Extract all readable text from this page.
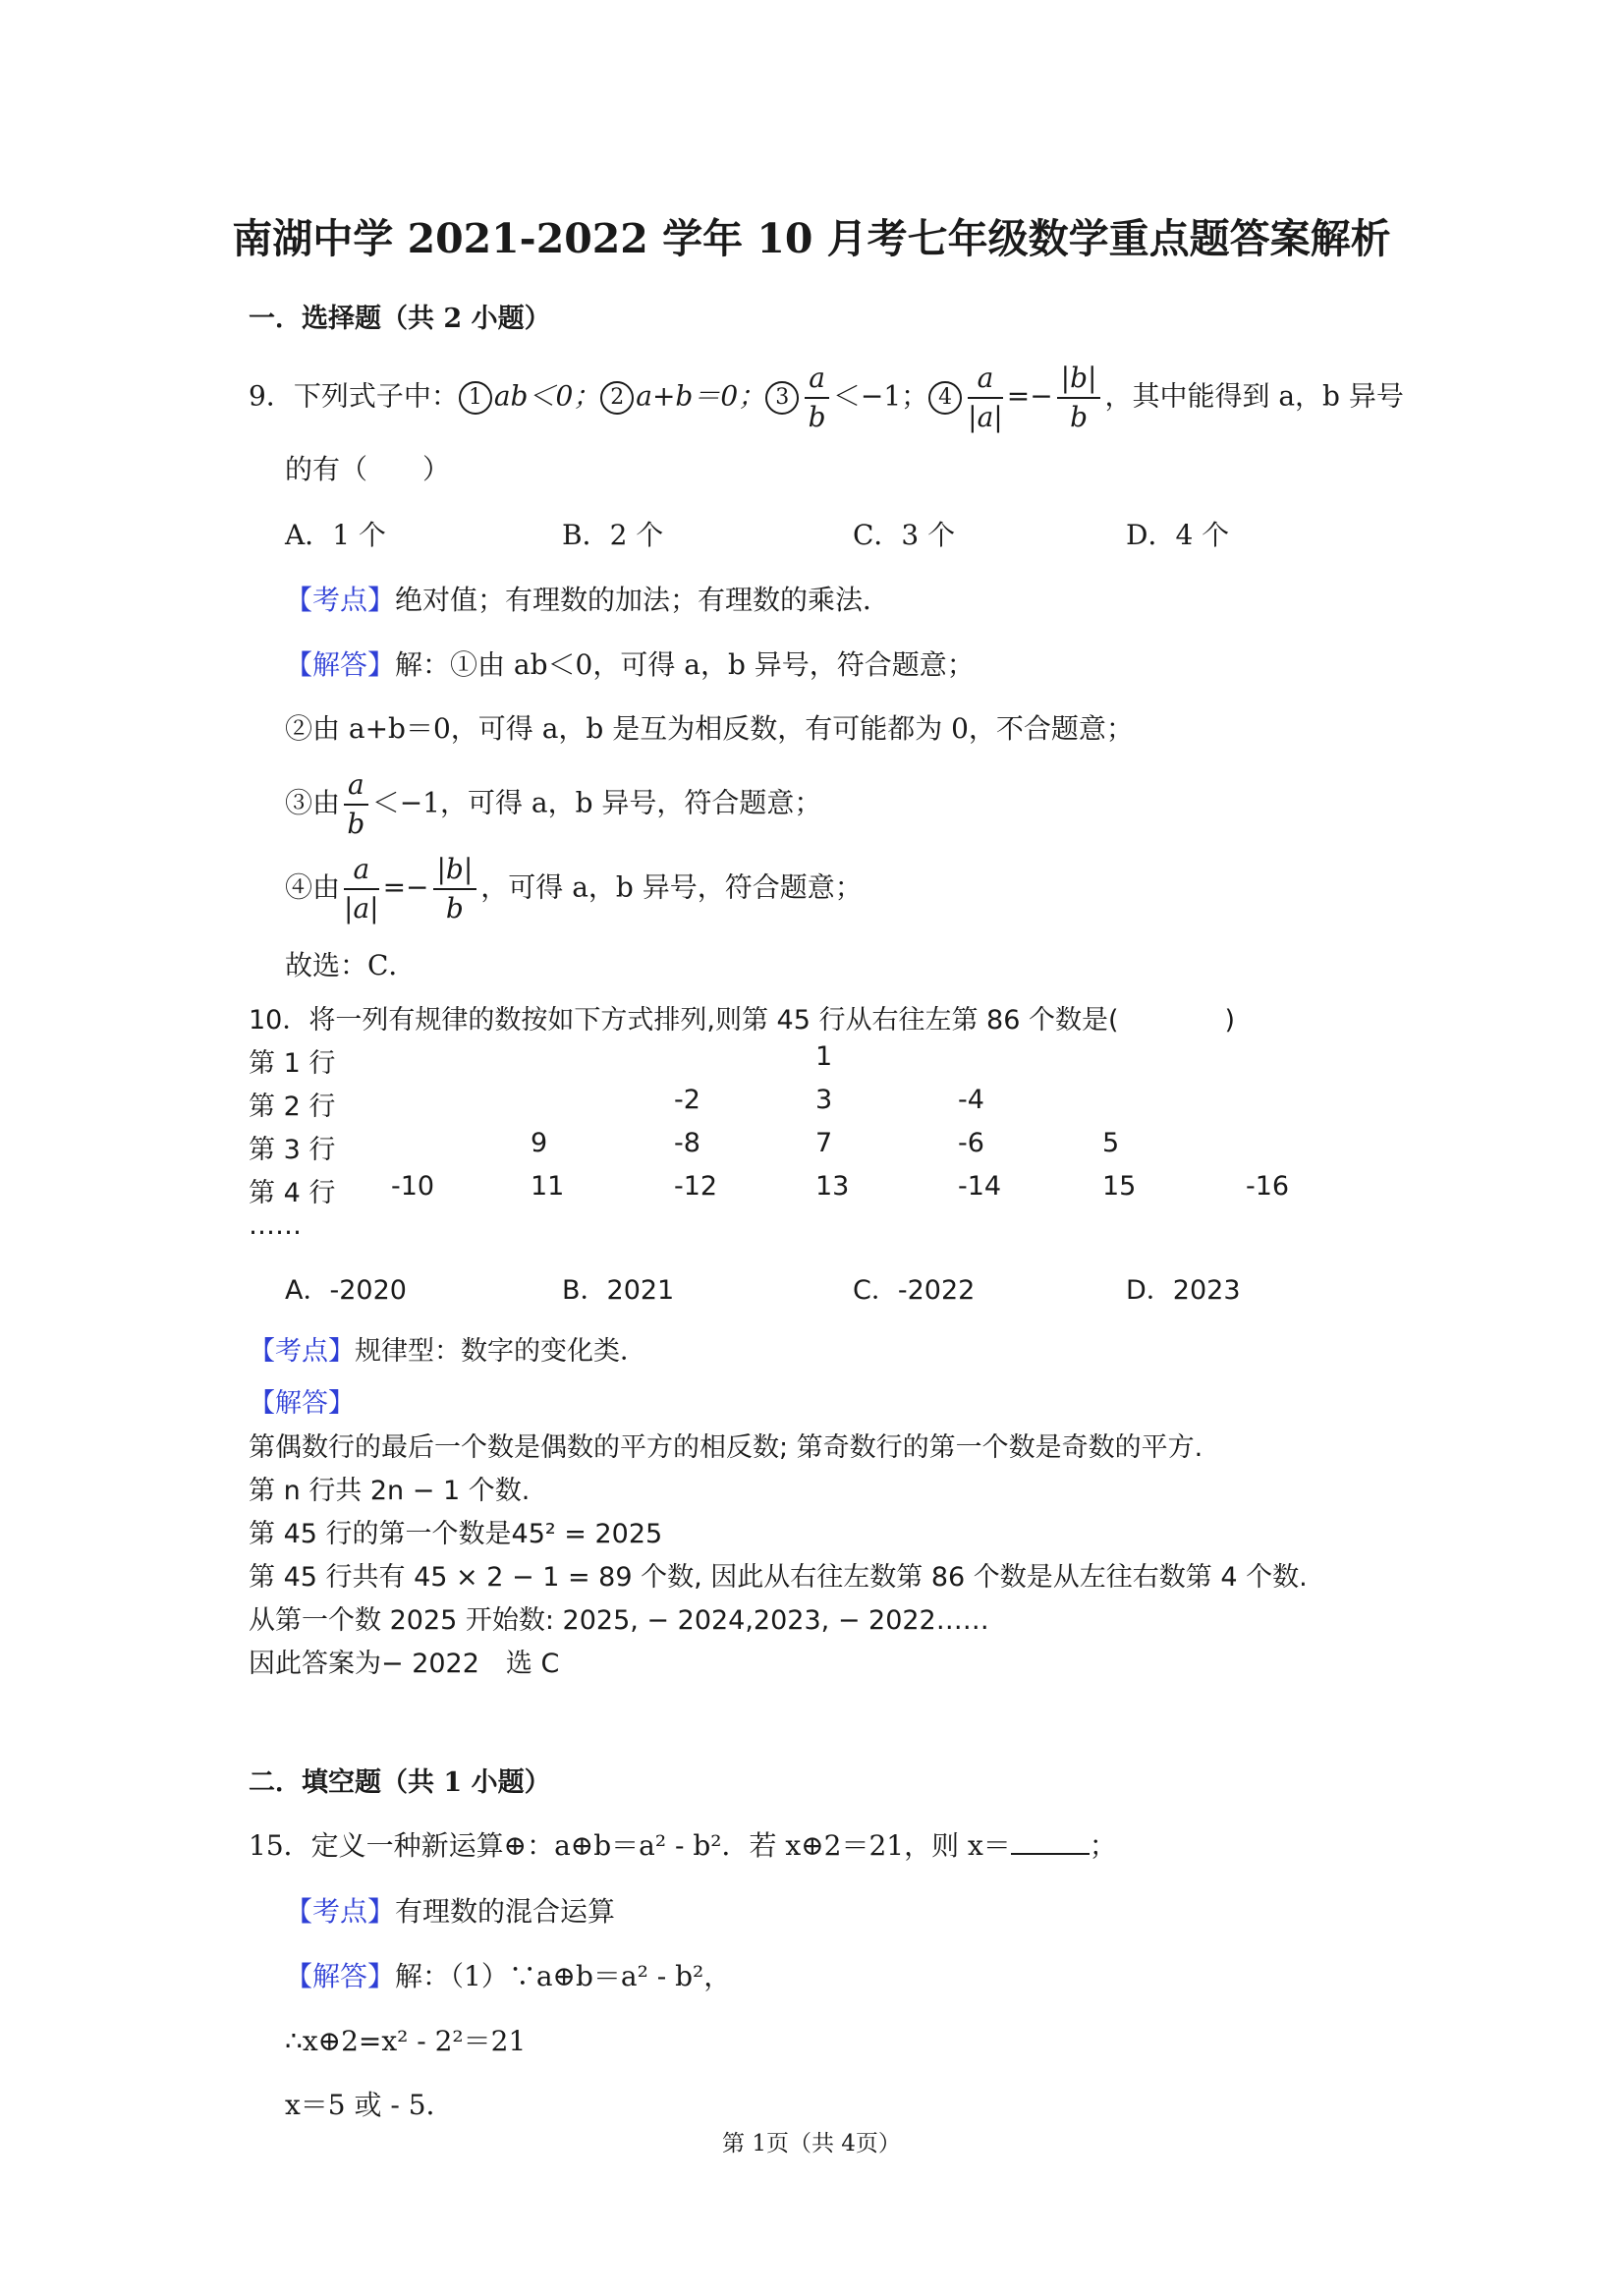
南湖中学 2021-2022 学年 10 月考七年级数学重点题答案解析
一．选择题（共 2 小题）
9．下列式子中： 1 ab＜0； 2 a+b＝0； $3 \frac{a}{b} <-1$； $4 \frac{a}{|a|} =- \frac{|b|}{b}$ ，其中能得到 a，b 异号
的有（　　）
A．1 个	B．2 个	C．3 个	D．4 个
【考点】绝对值；有理数的加法；有理数的乘法．
【解答】解：①由 ab＜0，可得 a，b 异号，符合题意；
②由 a+b＝0，可得 a，b 是互为相反数，有可能都为 0，不合题意；
③由 $\frac{a}{b} <-1$，可得 a，b 异号，符合题意；
④由 $\frac{a}{|a|} =- \frac{|b|}{b}$ ，可得 a，b 异号，符合题意；
故选：C．
10．将一列有规律的数按如下方式排列,则第 45 行从右往左第 86 个数是(　　　　)
第 1 行	1
第 2 行	-2	3	-4
第 3 行	9	-8	7	-6	5
第 4 行 -10	11	-12	13	-14	15	-16
……
A．-2020	B．2021	C．-2022	D．2023
【考点】规律型：数字的变化类．
【解答】
第偶数行的最后一个数是偶数的平方的相反数; 第奇数行的第一个数是奇数的平方.
第 n 行共 2n − 1 个数.
第 45 行的第一个数是45² = 2025
第 45 行共有 45 × 2 − 1 = 89 个数, 因此从右往左数第 86 个数是从左往右数第 4 个数.
从第一个数 2025 开始数: 2025, − 2024,2023, − 2022……
因此答案为− 2022　选 C
二．填空题（共 1 小题）
15．定义一种新运算⊕：a⊕b＝a² - b²．若 x⊕2＝21，则 x＝	；
【考点】有理数的混合运算
【解答】解：（1）∵a⊕b＝a² - b²，
∴x⊕2=x² - 2²＝21
x＝5 或 - 5．
第 1页（共 4页）
